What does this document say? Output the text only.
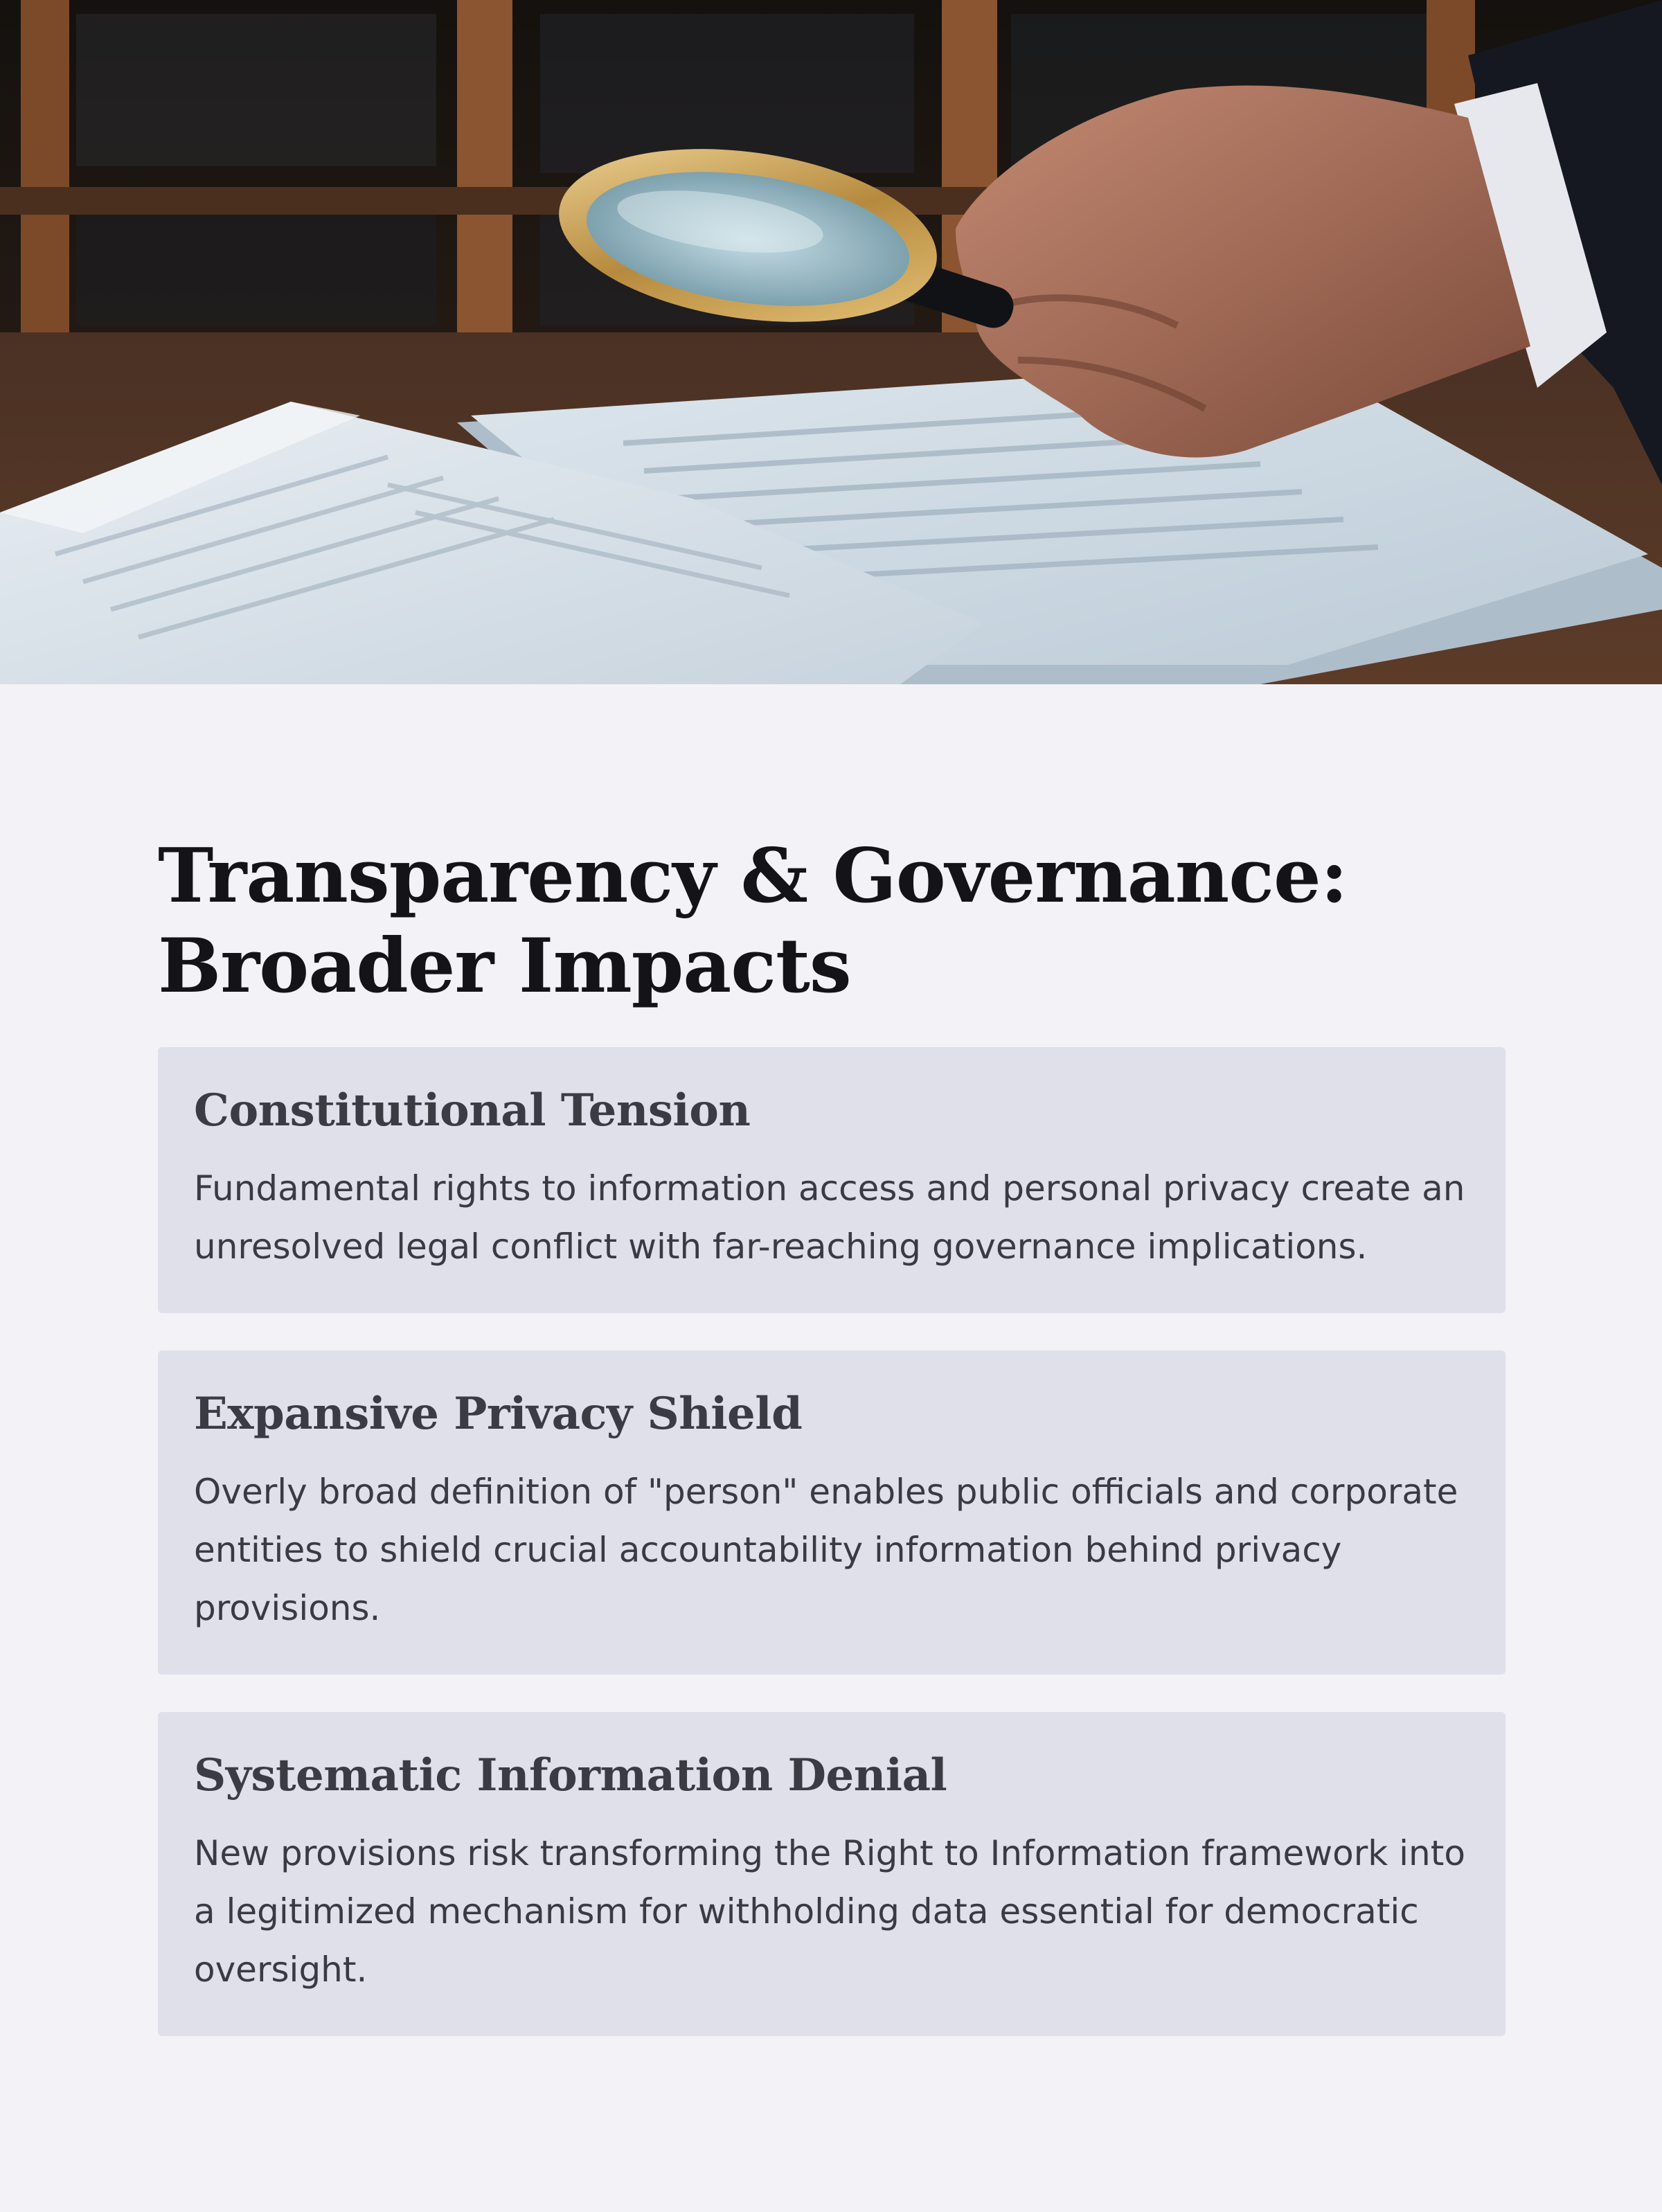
Transparency & Governance: Broader Impacts
Constitutional Tension

Fundamental rights to information access and personal privacy create an unresolved legal conflict with far-reaching governance implications.

Expansive Privacy Shield

Overly broad definition of "person" enables public officials and corporate entities to shield crucial accountability information behind privacy provisions.

Systematic Information Denial

New provisions risk transforming the Right to Information framework into a legitimized mechanism for withholding data essential for democratic oversight.
